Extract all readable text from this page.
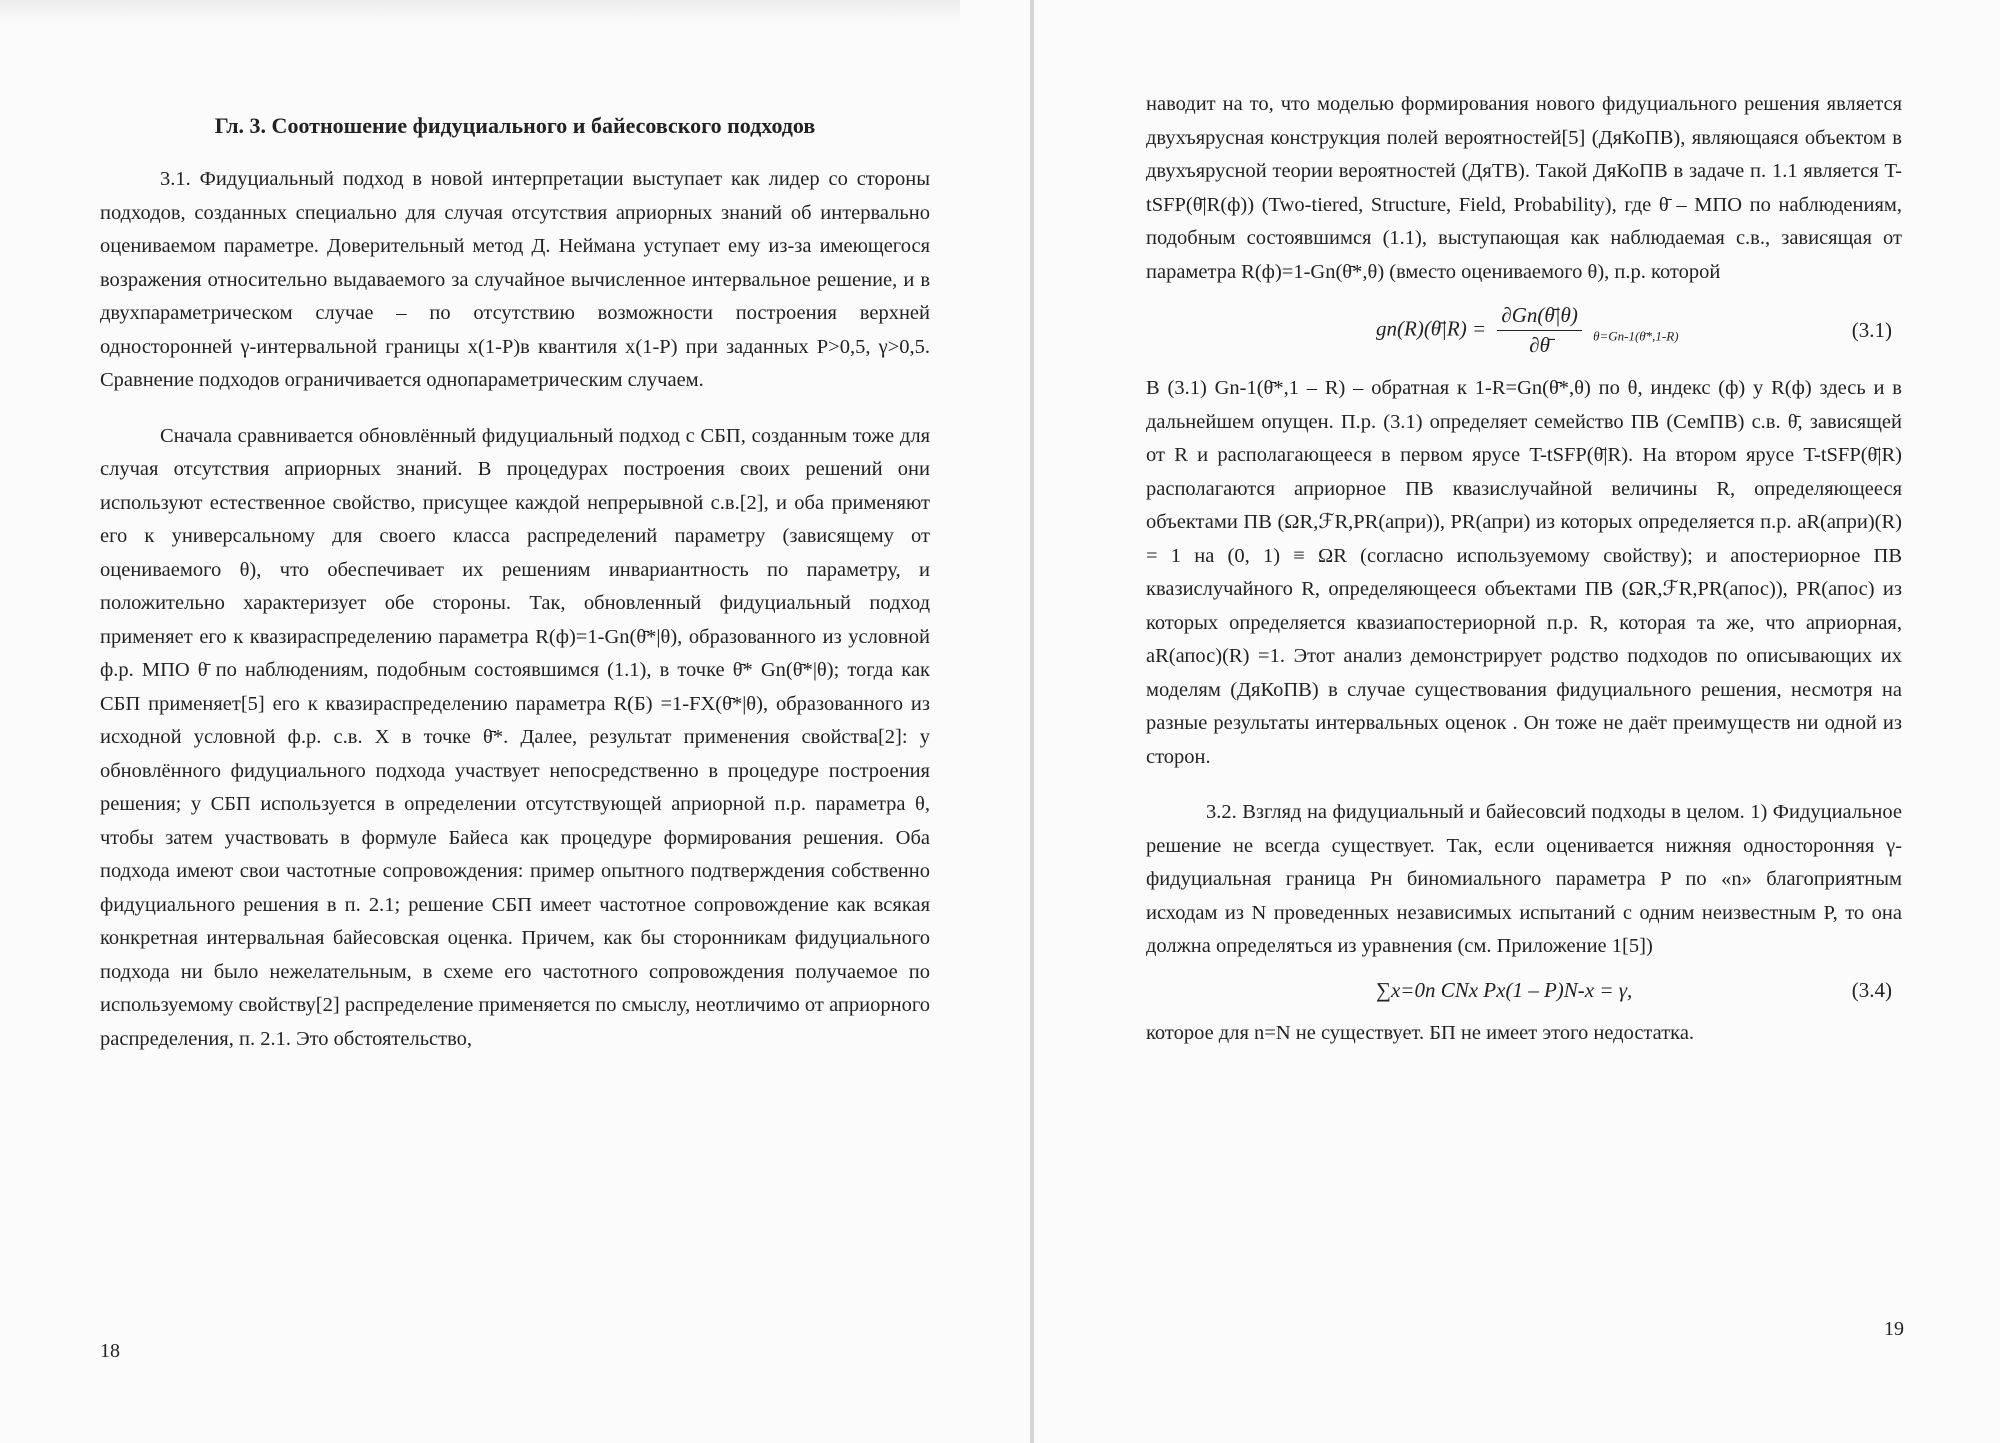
Гл. 3. Соотношение фидуциального и байесовского подходов

3.1. Фидуциальный подход в новой интерпретации выступает как лидер со стороны подходов, созданных специально для случая отсутствия априорных знаний об интервально оцениваемом параметре. Доверительный метод Д. Неймана уступает ему из-за имеющегося возражения относительно выдаваемого за случайное вычисленное интервальное решение, и в двухпараметрическом случае – по отсутствию возможности построения верхней односторонней γ-интервальной границы x(1-P)в квантиля x(1-P) при заданных P>0,5, γ>0,5. Сравнение подходов ограничивается однопараметрическим случаем.

Сначала сравнивается обновлённый фидуциальный подход с СБП, созданным тоже для случая отсутствия априорных знаний. В процедурах построения своих решений они используют естественное свойство, присущее каждой непрерывной с.в.[2], и оба применяют его к универсальному для своего класса распределений параметру (зависящему от оцениваемого θ), что обеспечивает их решениям инвариантность по параметру, и положительно характеризует обе стороны. Так, обновленный фидуциальный подход применяет его к квазираспределению параметра R(ф)=1-Gn(θ̄*|θ), образованного из условной ф.р. МПО θ̄ по наблюдениям, подобным состоявшимся (1.1), в точке θ̄* Gn(θ̄*|θ); тогда как СБП применяет[5] его к квазираспределению параметра R(Б) =1-FX(θ̄*|θ), образованного из исходной условной ф.р. с.в. X в точке θ̄*. Далее, результат применения свойства[2]: у обновлённого фидуциального подхода участвует непосредственно в процедуре построения решения; у СБП используется в определении отсутствующей априорной п.р. параметра θ, чтобы затем участвовать в формуле Байеса как процедуре формирования решения. Оба подхода имеют свои частотные сопровождения: пример опытного подтверждения собственно фидуциального решения в п. 2.1; решение СБП имеет частотное сопровождение как всякая конкретная интервальная байесовская оценка. Причем, как бы сторонникам фидуциального подхода ни было нежелательным, в схеме его частотного сопровождения получаемое по используемому свойству[2] распределение применяется по смыслу, неотличимо от априорного распределения, п. 2.1. Это обстоятельство,

18

наводит на то, что моделью формирования нового фидуциального решения является двухъярусная конструкция полей вероятностей[5] (ДяКоПВ), являющаяся объектом в двухъярусной теории вероятностей (ДяТВ). Такой ДяКоПВ в задаче п. 1.1 является T-tSFP(θ̄|R(ф)) (Two-tiered, Structure, Field, Probability), где θ̄ – МПО по наблюдениям, подобным состоявшимся (1.1), выступающая как наблюдаемая с.в., зависящая от параметра R(ф)=1-Gn(θ̄*,θ) (вместо оцениваемого θ), п.р. которой

gn(R)(θ̄|R) = $\frac{\partial Gn(\thetā|\theta)}{\partial\thetā} _{\theta=Gn-1(\thetā*,1-R)}$	(3.1)

В (3.1) Gn-1(θ̄*,1 – R) – обратная к 1-R=Gn(θ̄*,θ) по θ, индекс (ф) у R(ф) здесь и в дальнейшем опущен. П.р. (3.1) определяет семейство ПВ (СемПВ) с.в. θ̄, зависящей от R и располагающееся в первом ярусе T-tSFP(θ̄|R). На втором ярусе T-tSFP(θ̄|R) располагаются априорное ПВ квазислучайной величины R, определяющееся объектами ПВ (ΩR,ℱR,PR(апри)), PR(апри) из которых определяется п.р. aR(апри)(R) = 1 на (0, 1) ≡ ΩR (согласно используемому свойству); и апостериорное ПВ квазислучайного R, определяющееся объектами ПВ (ΩR,ℱR,PR(апос)), PR(апос) из которых определяется квазиапостериорной п.р. R, которая та же, что априорная, aR(апос)(R) =1. Этот анализ демонстрирует родство подходов по описывающих их моделям (ДяКоПВ) в случае существования фидуциального решения, несмотря на разные результаты интервальных оценок . Он тоже не даёт преимуществ ни одной из сторон.

3.2. Взгляд на фидуциальный и байесовсий подходы в целом. 1) Фидуциальное решение не всегда существует. Так, если оценивается нижняя односторонняя γ-фидуциальная граница Pн биномиального параметра P по «n» благоприятным исходам из N проведенных независимых испытаний с одним неизвестным P, то она должна определяться из уравнения (см. Приложение 1[5])

∑x=0n CNx Px(1 – P)N-x = γ,	(3.4)

которое для n=N не существует. БП не имеет этого недостатка.

19
